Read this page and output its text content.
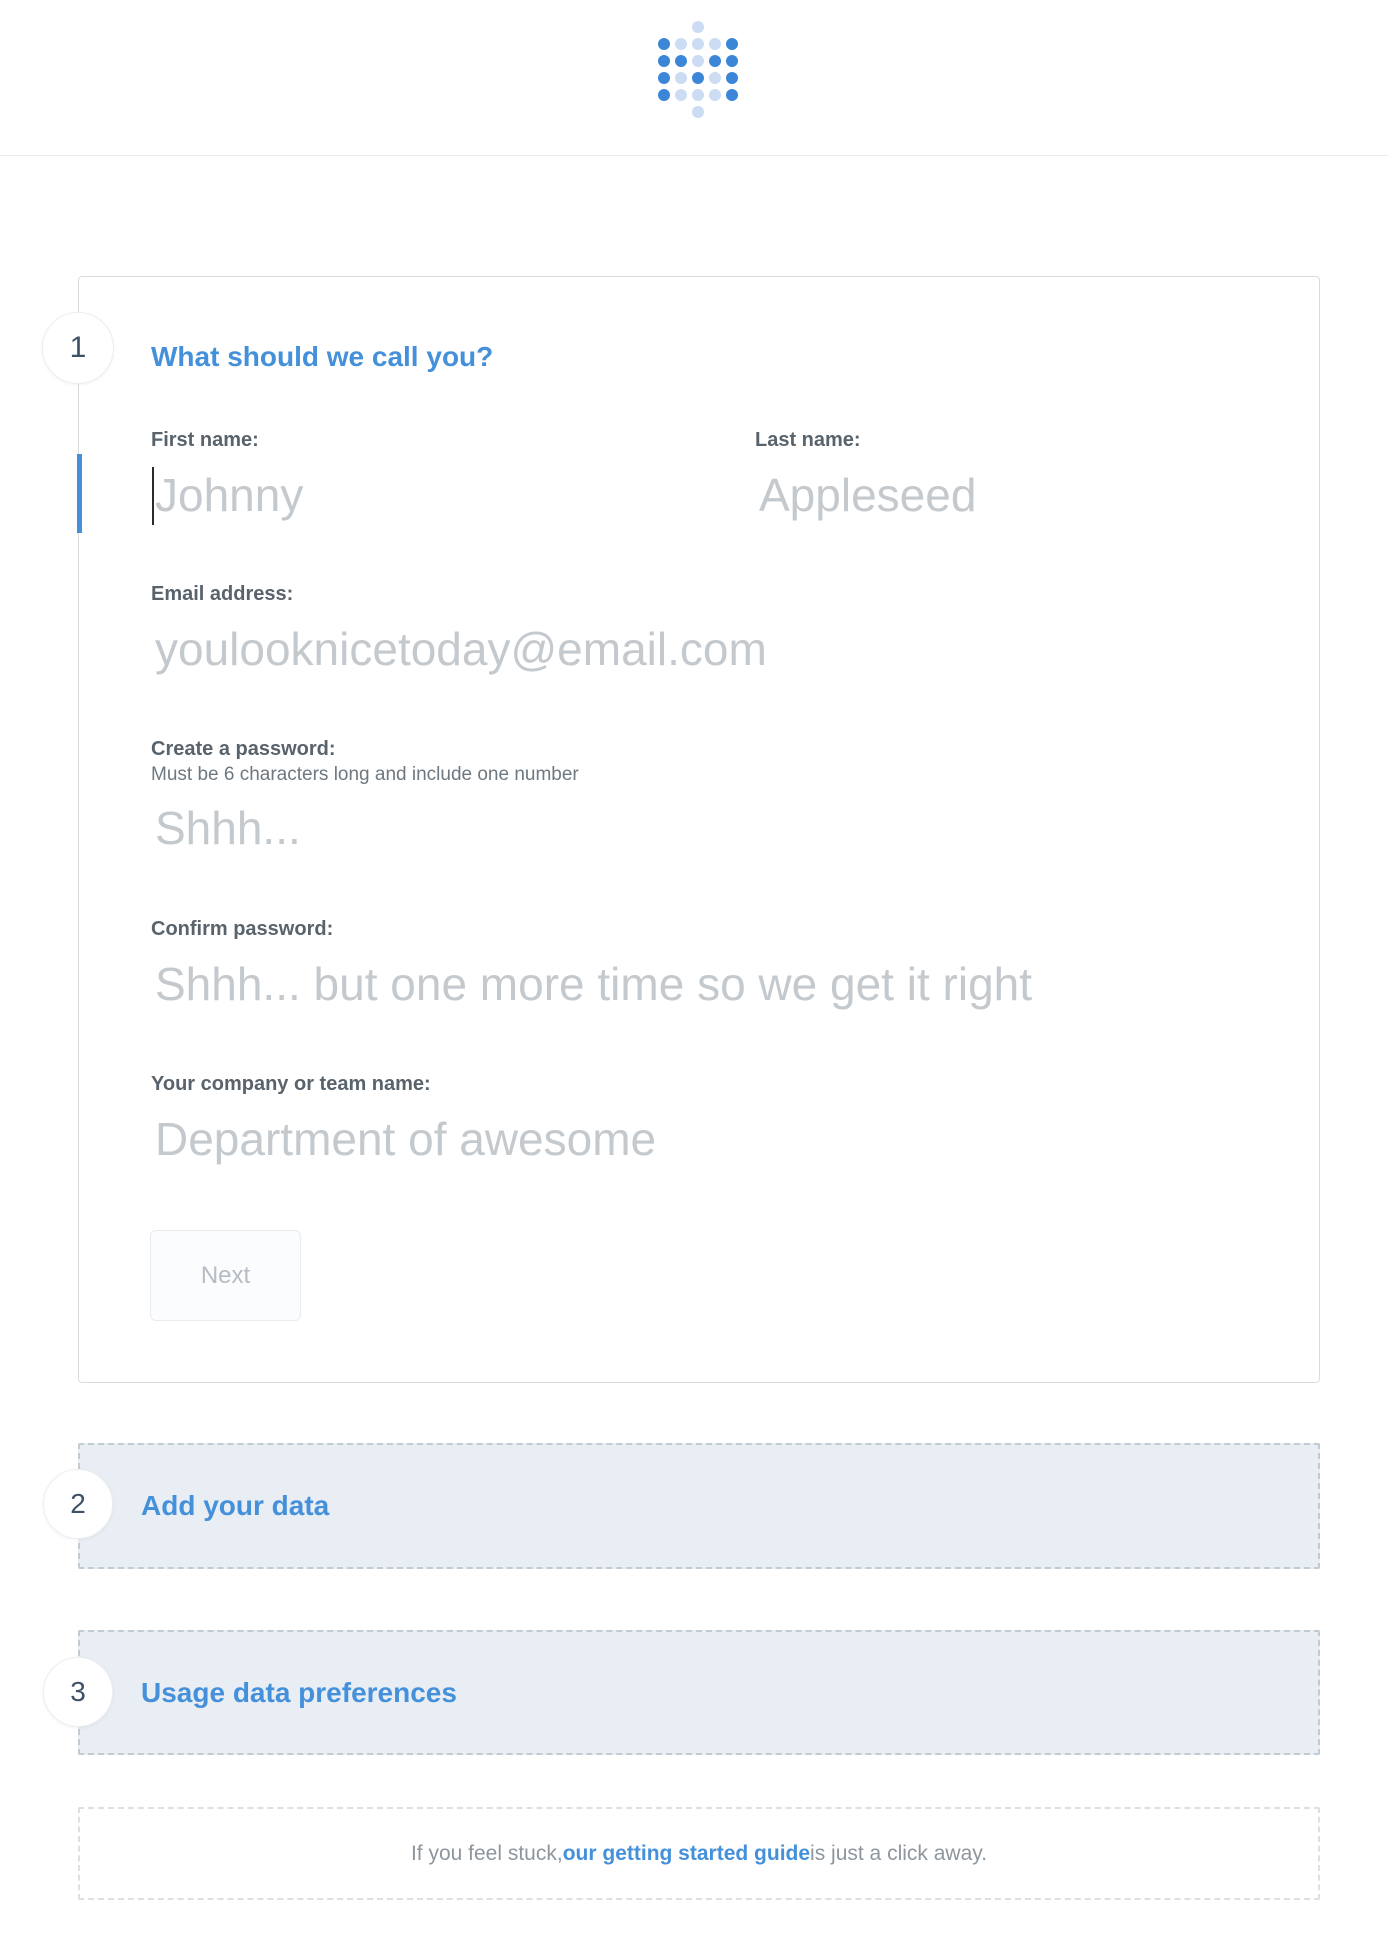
1
2
3
What should we call you?
First name:
Johnny	Last name:
Appleseed
Email address:
youlooknicetoday@email.com
Create a password:
Must be 6 characters long and include one number
Confirm password:
Your company or team name:
Department of awesome
Next
Add your data
Usage data preferences
If you feel stuck, our getting started guide is just a click away.
